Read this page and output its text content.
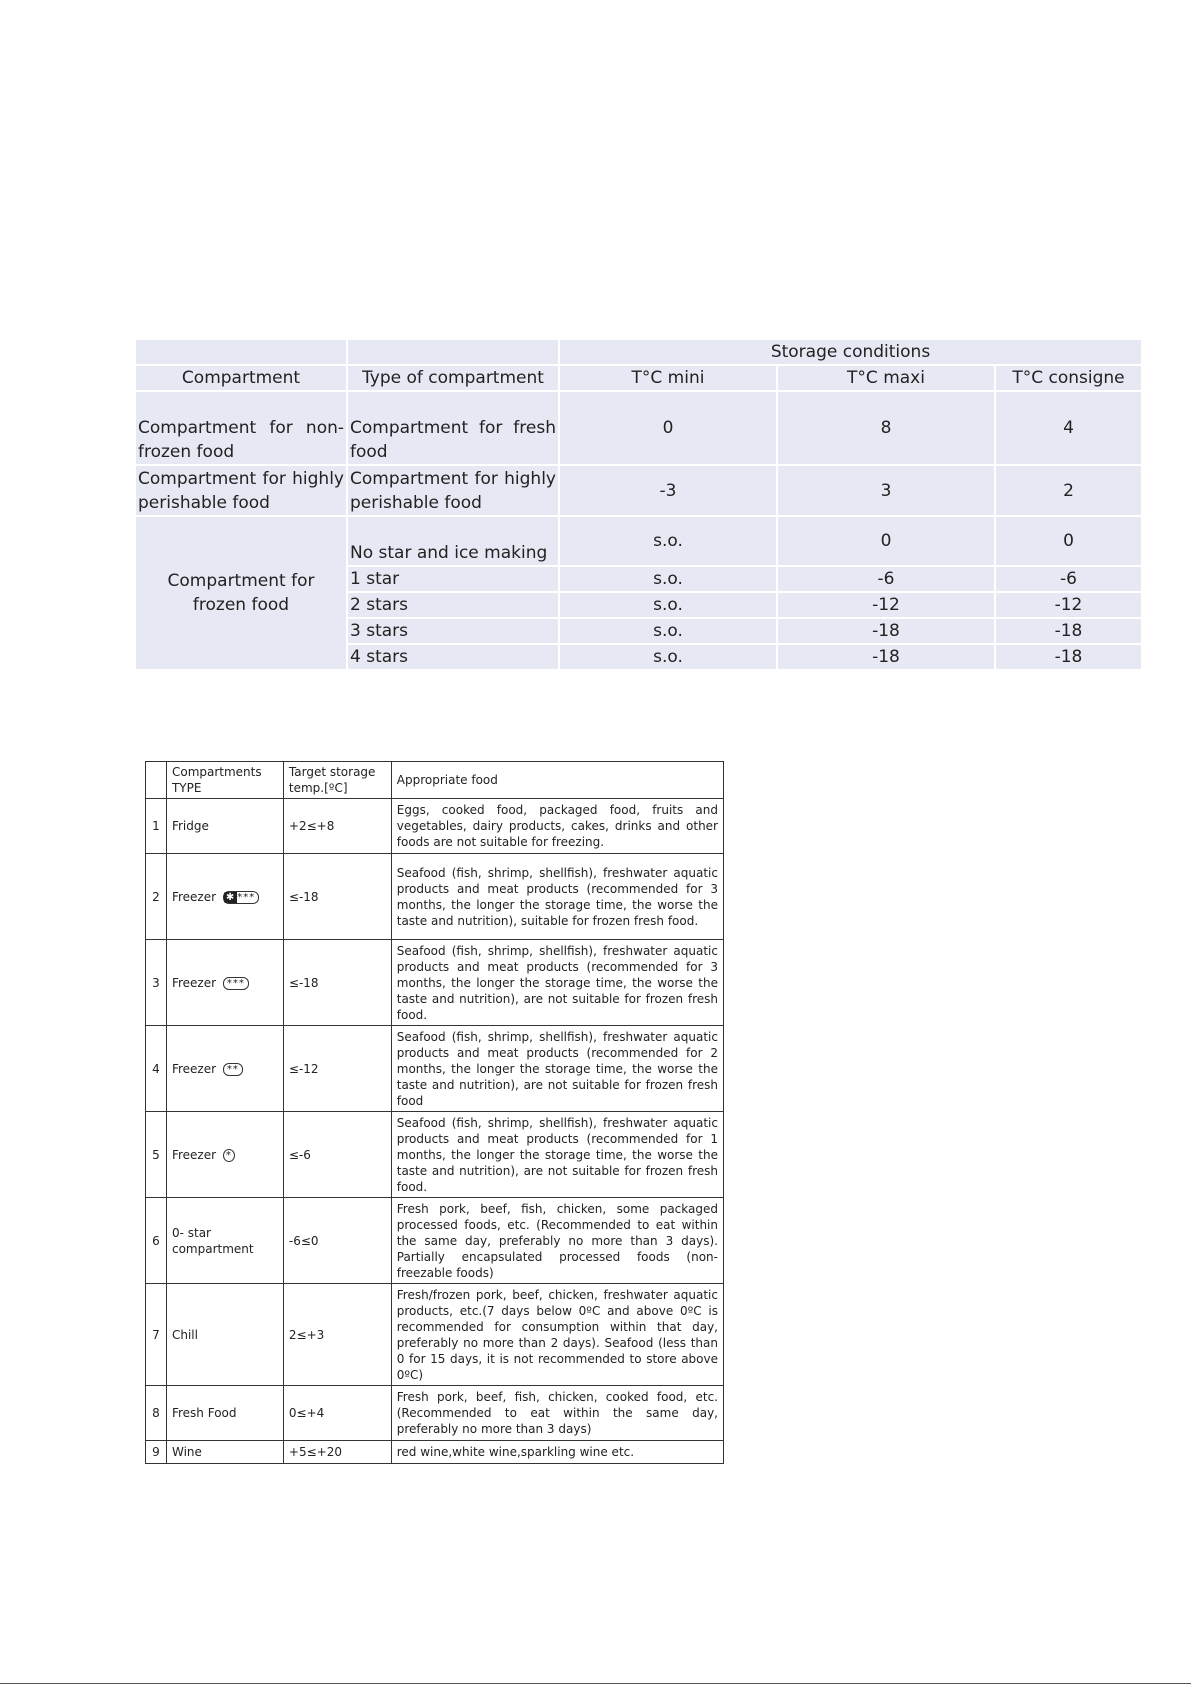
		Storage conditions		
Compartment	Type of compartment	T°C mini	T°C maxi	T°C consigne
Compartment for non-frozen food	Compartment for fresh food	0	8	4
Compartment for highly perishable food	Compartment for highly perishable food	-3	3	2
Compartment for frozen food	No star and ice making	s.o.	0	0
	1 star	s.o.	-6	-6
	2 stars	s.o.	-12	-12
	3 stars	s.o.	-18	-18
	4 stars	s.o.	-18	-18
	Compartments TYPE	Target storage temp.[ºC]	Appropriate food
1	Fridge	+2≤+8	Eggs, cooked food, packaged food, fruits and vegetables, dairy products, cakes, drinks and other foods are not suitable for freezing.
2	Freezer ✱ ***	≤-18	Seafood (fish, shrimp, shellfish), freshwater aquatic products and meat products (recommended for 3 months, the longer the storage time, the worse the taste and nutrition), suitable for frozen fresh food.
3	Freezer ***	≤-18	Seafood (fish, shrimp, shellfish), freshwater aquatic products and meat products (recommended for 3 months, the longer the storage time, the worse the taste and nutrition), are not suitable for frozen fresh food.
4	Freezer **	≤-12	Seafood (fish, shrimp, shellfish), freshwater aquatic products and meat products (recommended for 2 months, the longer the storage time, the worse the taste and nutrition), are not suitable for frozen fresh food
5	Freezer *	≤-6	Seafood (fish, shrimp, shellfish), freshwater aquatic products and meat products (recommended for 1 months, the longer the storage time, the worse the taste and nutrition), are not suitable for frozen fresh food.
6	0- star compartment	-6≤0	Fresh pork, beef, fish, chicken, some packaged processed foods, etc. (Recommended to eat within the same day, preferably no more than 3 days). Partially encapsulated processed foods (non-freezable foods)
7	Chill	2≤+3	Fresh/frozen pork, beef, chicken, freshwater aquatic products, etc.(7 days below 0ºC and above 0ºC is recommended for consumption within that day, preferably no more than 2 days). Seafood (less than 0 for 15 days, it is not recommended to store above 0ºC)
8	Fresh Food	0≤+4	Fresh pork, beef, fish, chicken, cooked food, etc. (Recommended to eat within the same day, preferably no more than 3 days)
9	Wine	+5≤+20	red wine,white wine,sparkling wine etc.
